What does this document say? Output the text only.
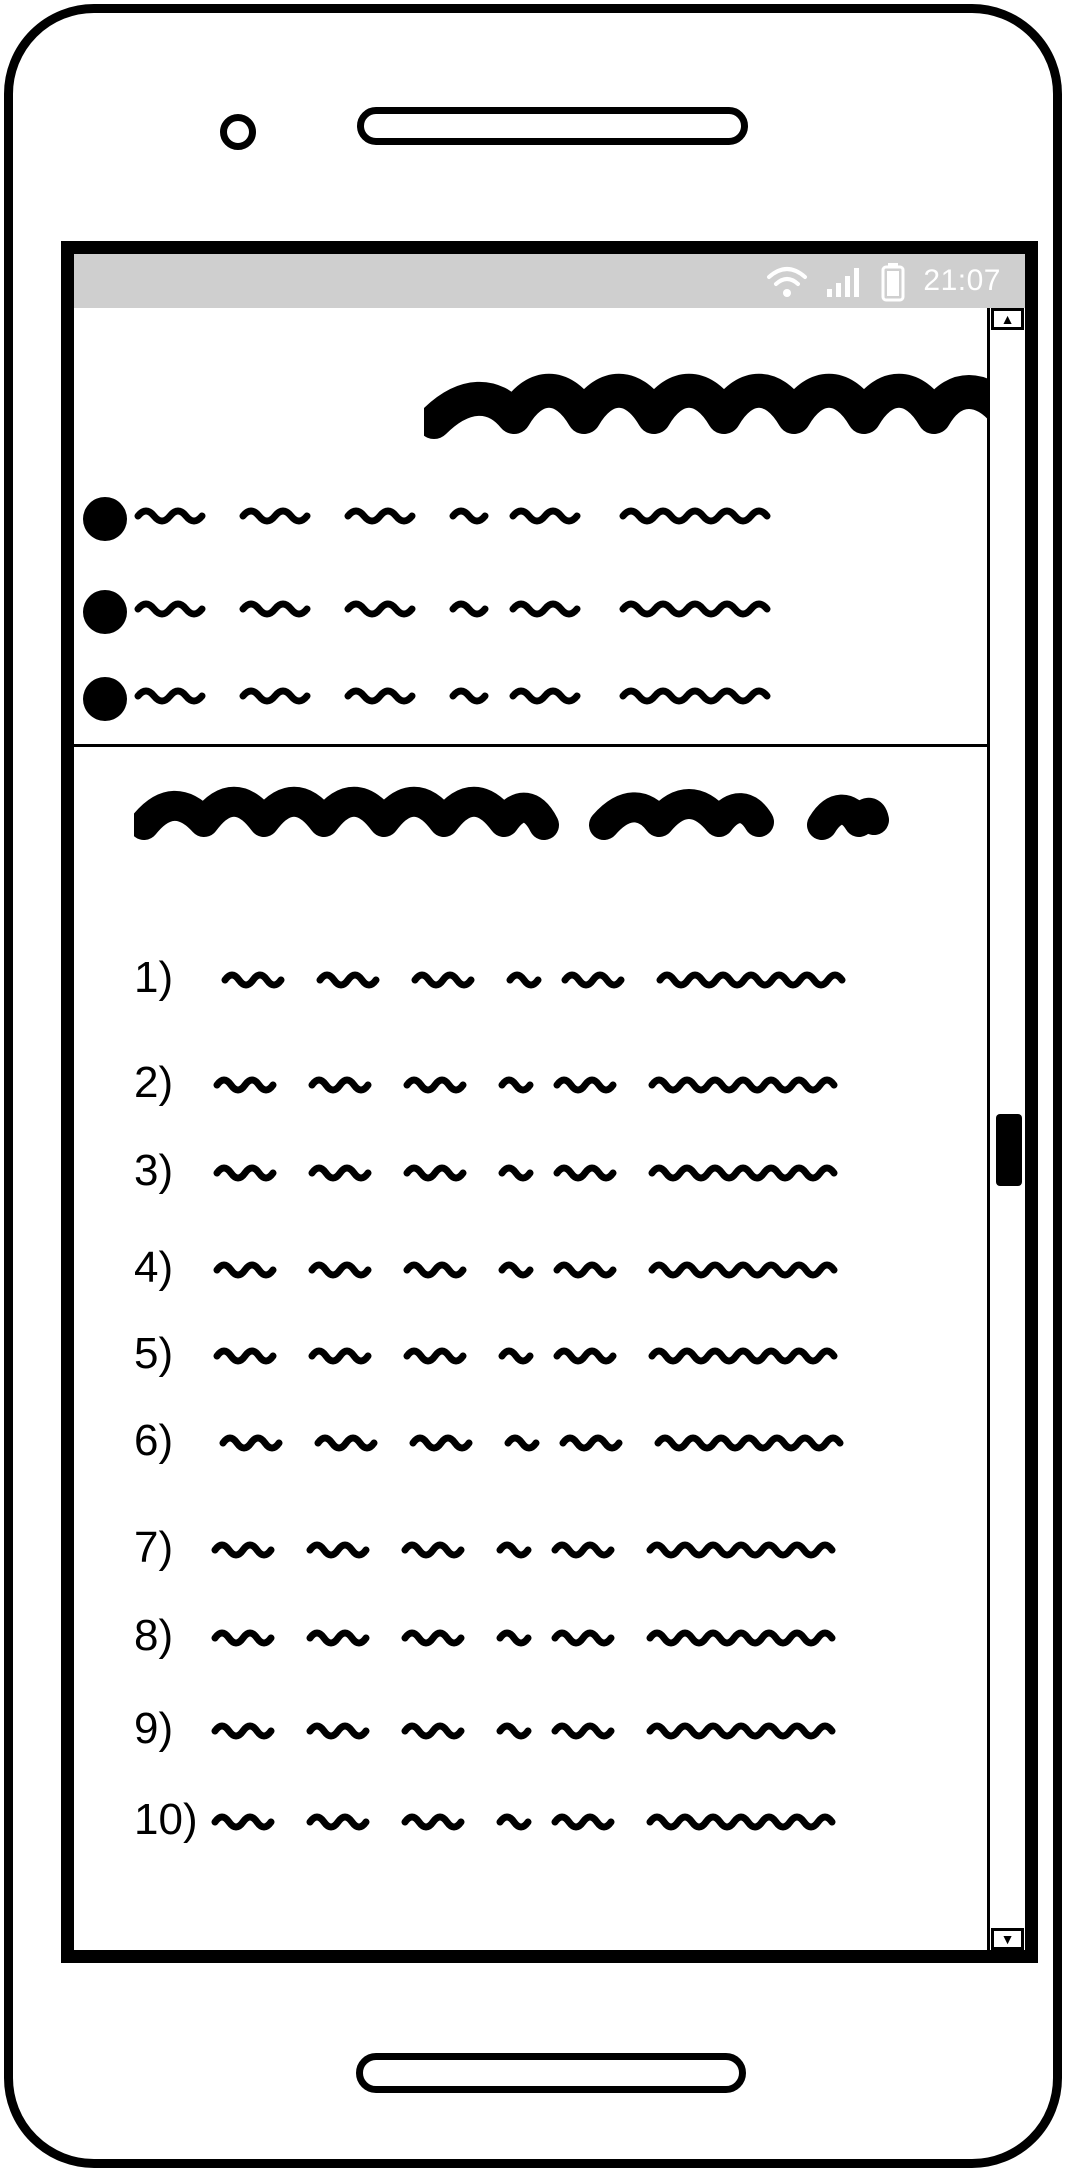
21:07
1)
2)
3)
4)
5)
6)
7)
8)
9)
10)
▲
▼
